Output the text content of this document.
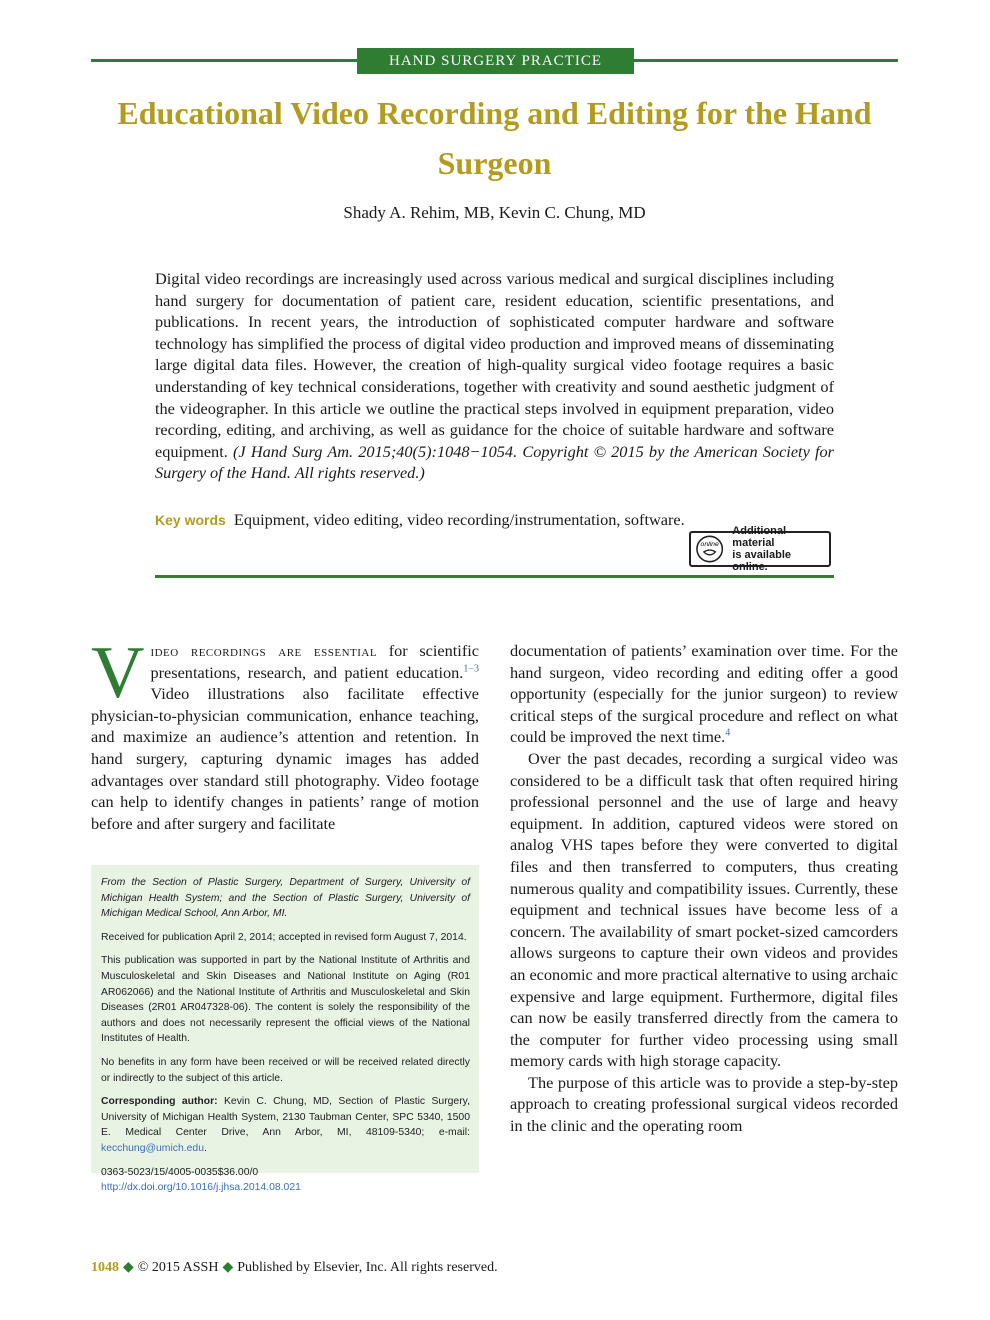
HAND SURGERY PRACTICE
Educational Video Recording and Editing for the Hand Surgeon
Shady A. Rehim, MB, Kevin C. Chung, MD
Digital video recordings are increasingly used across various medical and surgical disciplines including hand surgery for documentation of patient care, resident education, scientific presentations, and publications. In recent years, the introduction of sophisticated computer hardware and software technology has simplified the process of digital video production and improved means of disseminating large digital data files. However, the creation of high-quality surgical video footage requires a basic understanding of key technical considerations, together with creativity and sound aesthetic judgment of the videographer. In this article we outline the practical steps involved in equipment preparation, video recording, editing, and archiving, as well as guidance for the choice of suitable hardware and software equipment. (J Hand Surg Am. 2015;40(5):1048−1054. Copyright © 2015 by the American Society for Surgery of the Hand. All rights reserved.)
Key words Equipment, video editing, video recording/instrumentation, software.
online
Additional material
is available online.

Video recordings are essential for scientific presentations, research, and patient education.$^{1-3}$ Video illustrations also facilitate effective physician-to-physician communication, enhance teaching, and maximize an audience’s attention and retention. In hand surgery, capturing dynamic images has added advantages over standard still photography. Video footage can help to identify changes in patients’ range of motion before and after surgery and facilitate

From the Section of Plastic Surgery, Department of Surgery, University of Michigan Health System; and the Section of Plastic Surgery, University of Michigan Medical School, Ann Arbor, MI.

Received for publication April 2, 2014; accepted in revised form August 7, 2014.

This publication was supported in part by the National Institute of Arthritis and Musculoskeletal and Skin Diseases and National Institute on Aging (R01 AR062066) and the National Institute of Arthritis and Musculoskeletal and Skin Diseases (2R01 AR047328-06). The content is solely the responsibility of the authors and does not necessarily represent the official views of the National Institutes of Health.

No benefits in any form have been received or will be received related directly or indirectly to the subject of this article.

Corresponding author: Kevin C. Chung, MD, Section of Plastic Surgery, University of Michigan Health System, 2130 Taubman Center, SPC 5340, 1500 E. Medical Center Drive, Ann Arbor, MI, 48109-5340; e-mail: kecchung@umich.edu.

0363-5023/15/4005-0035$36.00/0
http://dx.doi.org/10.1016/j.jhsa.2014.08.021

documentation of patients’ examination over time. For the hand surgeon, video recording and editing offer a good opportunity (especially for the junior surgeon) to review critical steps of the surgical procedure and reflect on what could be improved the next time.$^4$

Over the past decades, recording a surgical video was considered to be a difficult task that often required hiring professional personnel and the use of large and heavy equipment. In addition, captured videos were stored on analog VHS tapes before they were converted to digital files and then transferred to computers, thus creating numerous quality and compatibility issues. Currently, these equipment and technical issues have become less of a concern. The availability of smart pocket-sized camcorders allows surgeons to capture their own videos and provides an economic and more practical alternative to using archaic expensive and large equipment. Furthermore, digital files can now be easily transferred directly from the camera to the computer for further video processing using small memory cards with high storage capacity.

The purpose of this article was to provide a step-by-step approach to creating professional surgical videos recorded in the clinic and the operating room

1048 ◆ © 2015 ASSH ◆ Published by Elsevier, Inc. All rights reserved.
